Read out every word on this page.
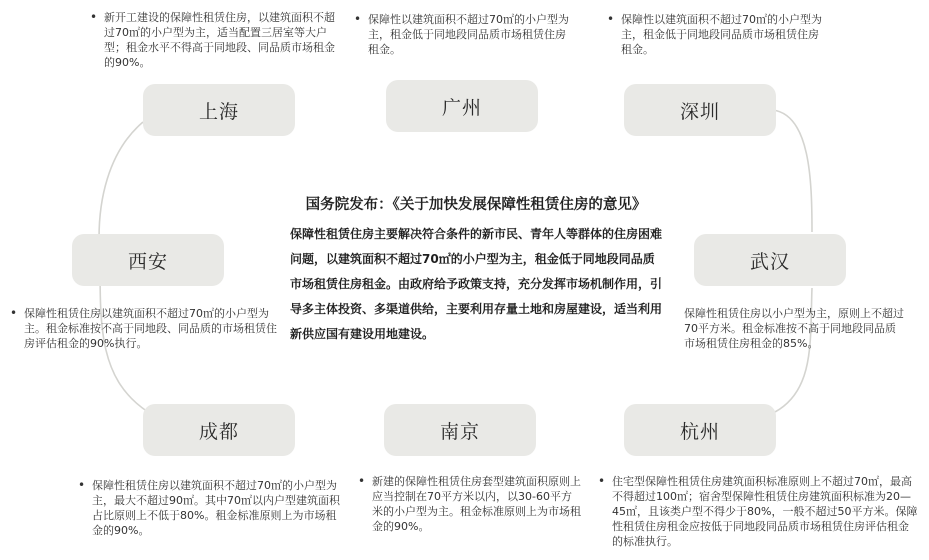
上海	广州	深圳
西安	武汉
成都	南京	杭州
• 新开工建设的保障性租赁住房，以建筑面积不超过70㎡的小户型为主，适当配置三居室等大户型；租金水平不得高于同地段、同品质市场租金的90%。
• 保障性以建筑面积不超过70㎡的小户型为主，租金低于同地段同品质市场租赁住房租金。
• 保障性以建筑面积不超过70㎡的小户型为主，租金低于同地段同品质市场租赁住房租金。
• 保障性租赁住房以建筑面积不超过70㎡的小户型为主。租金标准按不高于同地段、同品质的市场租赁住房评估租金的90%执行。
保障性租赁住房以小户型为主，原则上不超过70平方米。租金标准按不高于同地段同品质市场租赁住房租金的85%。
• 保障性租赁住房以建筑面积不超过70㎡的小户型为主，最大不超过90㎡。其中70㎡以内户型建筑面积占比原则上不低于80%。租金标准原则上为市场租金的90%。
• 新建的保障性租赁住房套型建筑面积原则上应当控制在70平方米以内，以30-60平方米的小户型为主。租金标准原则上为市场租金的90%。
• 住宅型保障性租赁住房建筑面积标准原则上不超过70㎡，最高不得超过100㎡；宿舍型保障性租赁住房建筑面积标准为20—45㎡，且该类户型不得少于80%，一般不超过50平方米。保障性租赁住房租金应按低于同地段同品质市场租赁住房评估租金的标准执行。
国务院发布：《关于加快发展保障性租赁住房的意见》
保障性租赁住房主要解决符合条件的新市民、青年人等群体的住房困难问题，以建筑面积不超过70㎡的小户型为主，租金低于同地段同品质市场租赁住房租金。由政府给予政策支持，充分发挥市场机制作用，引导多主体投资、多渠道供给，主要利用存量土地和房屋建设，适当利用新供应国有建设用地建设。
